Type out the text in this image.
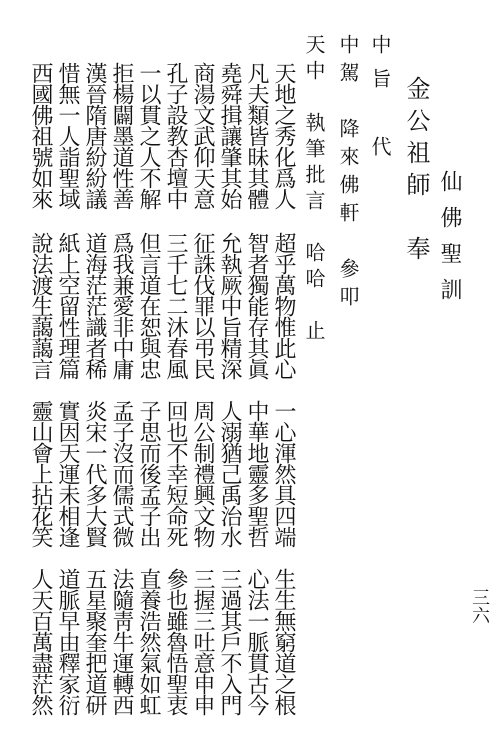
仙佛聖訓
金公祖師　奉
中旨　代
中駕　降來佛軒　參叩
天中　執筆批言　哈哈　止
三六
天地之秀化爲人
凡夫類皆昧其體
堯舜揖讓肇其始
商湯文武仰天意
孔子設教杏壇中
一以貫之人不解
拒楊闢墨道性善
漢晉隋唐紛紛議
惜無一人詣聖域
西國佛祖號如來
超乎萬物惟此心
智者獨能存其眞
允執厥中旨精深
征誅伐罪以弔民
三千七二沐春風
但言道在恕與忠
爲我兼愛非中庸
道海茫茫識者稀
紙上空留性理篇
說法渡生藹藹言
一心渾然具四端
中華地靈多聖哲
人溺猶己禹治水
周公制禮興文物
回也不幸短命死
子思而後孟子出
孟子沒而儒式微
炎宋一代多大賢
實因天運未相逢
靈山會上拈花笑
生生無窮道之根
心法一脈貫古今
三過其戶不入門
三握三吐意申申
參也雖魯悟聖衷
直養浩然氣如虹
法隨靑牛運轉西
五星聚奎把道研
道脈早由釋家衍
人天百萬盡茫然
